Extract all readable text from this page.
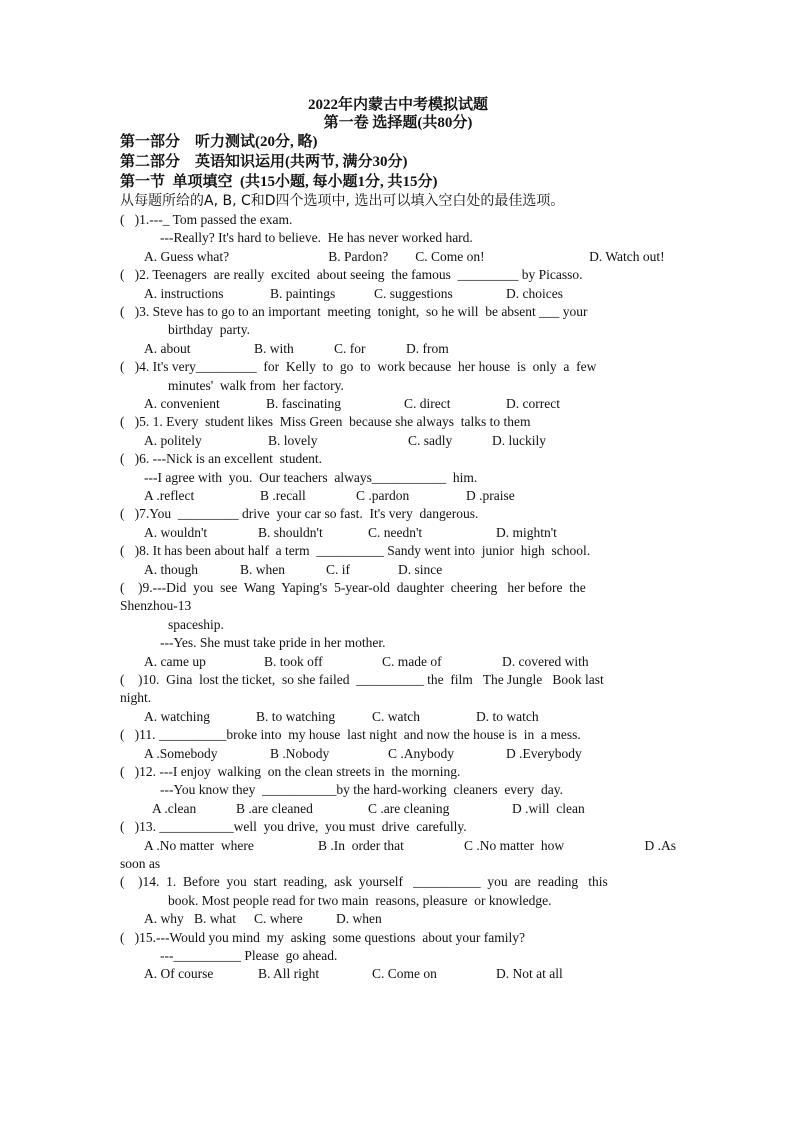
2022年内蒙古中考模拟试题
第一卷 选择题(共80分)
第一部分    听力测试(20分, 略)
第二部分    英语知识运用(共两节, 满分30分)
第一节  单项填空  (共15小题, 每小题1分, 共15分)
从每题所给的A, B, C和D四个选项中, 选出可以填入空白处的最佳选项。
(   )1.---_ Tom passed the exam.
---Really? It's hard to believe.  He has never worked hard.
A. Guess what?	B. Pardon?	C. Come on!	D. Watch out!
(   )2. Teenagers  are really  excited  about seeing  the famous  _________ by Picasso.
A. instructions	B. paintings	C. suggestions	D. choices
(   )3. Steve has to go to an important  meeting  tonight,  so he will  be absent ___ your
birthday  party.
A. about	B. with	C. for	D. from
(   )4. It's very_________  for  Kelly  to  go  to  work because  her house  is  only  a  few
minutes'  walk from  her factory.
A. convenient	B. fascinating	C. direct	D. correct
(   )5. 1. Every  student likes  Miss Green  because she always  talks to them
A. politely	B. lovely	C. sadly	D. luckily
(   )6. ---Nick is an excellent  student.
---I agree with  you.  Our teachers  always___________  him.
A .reflect	B .recall	C .pardon	D .praise
(   )7.You  _________ drive  your car so fast.  It's very  dangerous.
A. wouldn't	B. shouldn't	C. needn't	D. mightn't
(   )8. It has been about half  a term  __________ Sandy went into  junior  high  school.
A. though	B. when	C. if	D. since
(    )9.---Did  you  see  Wang  Yaping's  5-year-old  daughter  cheering   her before  the
Shenzhou-13
spaceship.
---Yes. She must take pride in her mother.
A. came up	B. took off	C. made of	D. covered with
(    )10.  Gina  lost the ticket,  so she failed  __________ the  film   The Jungle   Book last
night.
A. watching	B. to watching	C. watch	D. to watch
(   )11. __________broke into  my house  last night  and now the house is  in  a mess.
A .Somebody	B .Nobody	C .Anybody	D .Everybody
(   )12. ---I enjoy  walking  on the clean streets in  the morning.
---You know they  ___________by the hard-working  cleaners  every  day.
A .clean	B .are cleaned	C .are cleaning	D .will  clean
(   )13. ___________well  you drive,  you must  drive  carefully.
A .No matter  where	B .In  order that	C .No matter  how	D .As
soon as
(    )14.  1.  Before  you  start  reading,  ask  yourself   __________  you  are  reading   this
book. Most people read for two main  reasons, pleasure  or knowledge.
A. why B. what	C. where	D. when
(   )15.---Would you mind  my  asking  some questions  about your family?
---__________ Please  go ahead.
A. Of course	B. All right	C. Come on	D. Not at all
